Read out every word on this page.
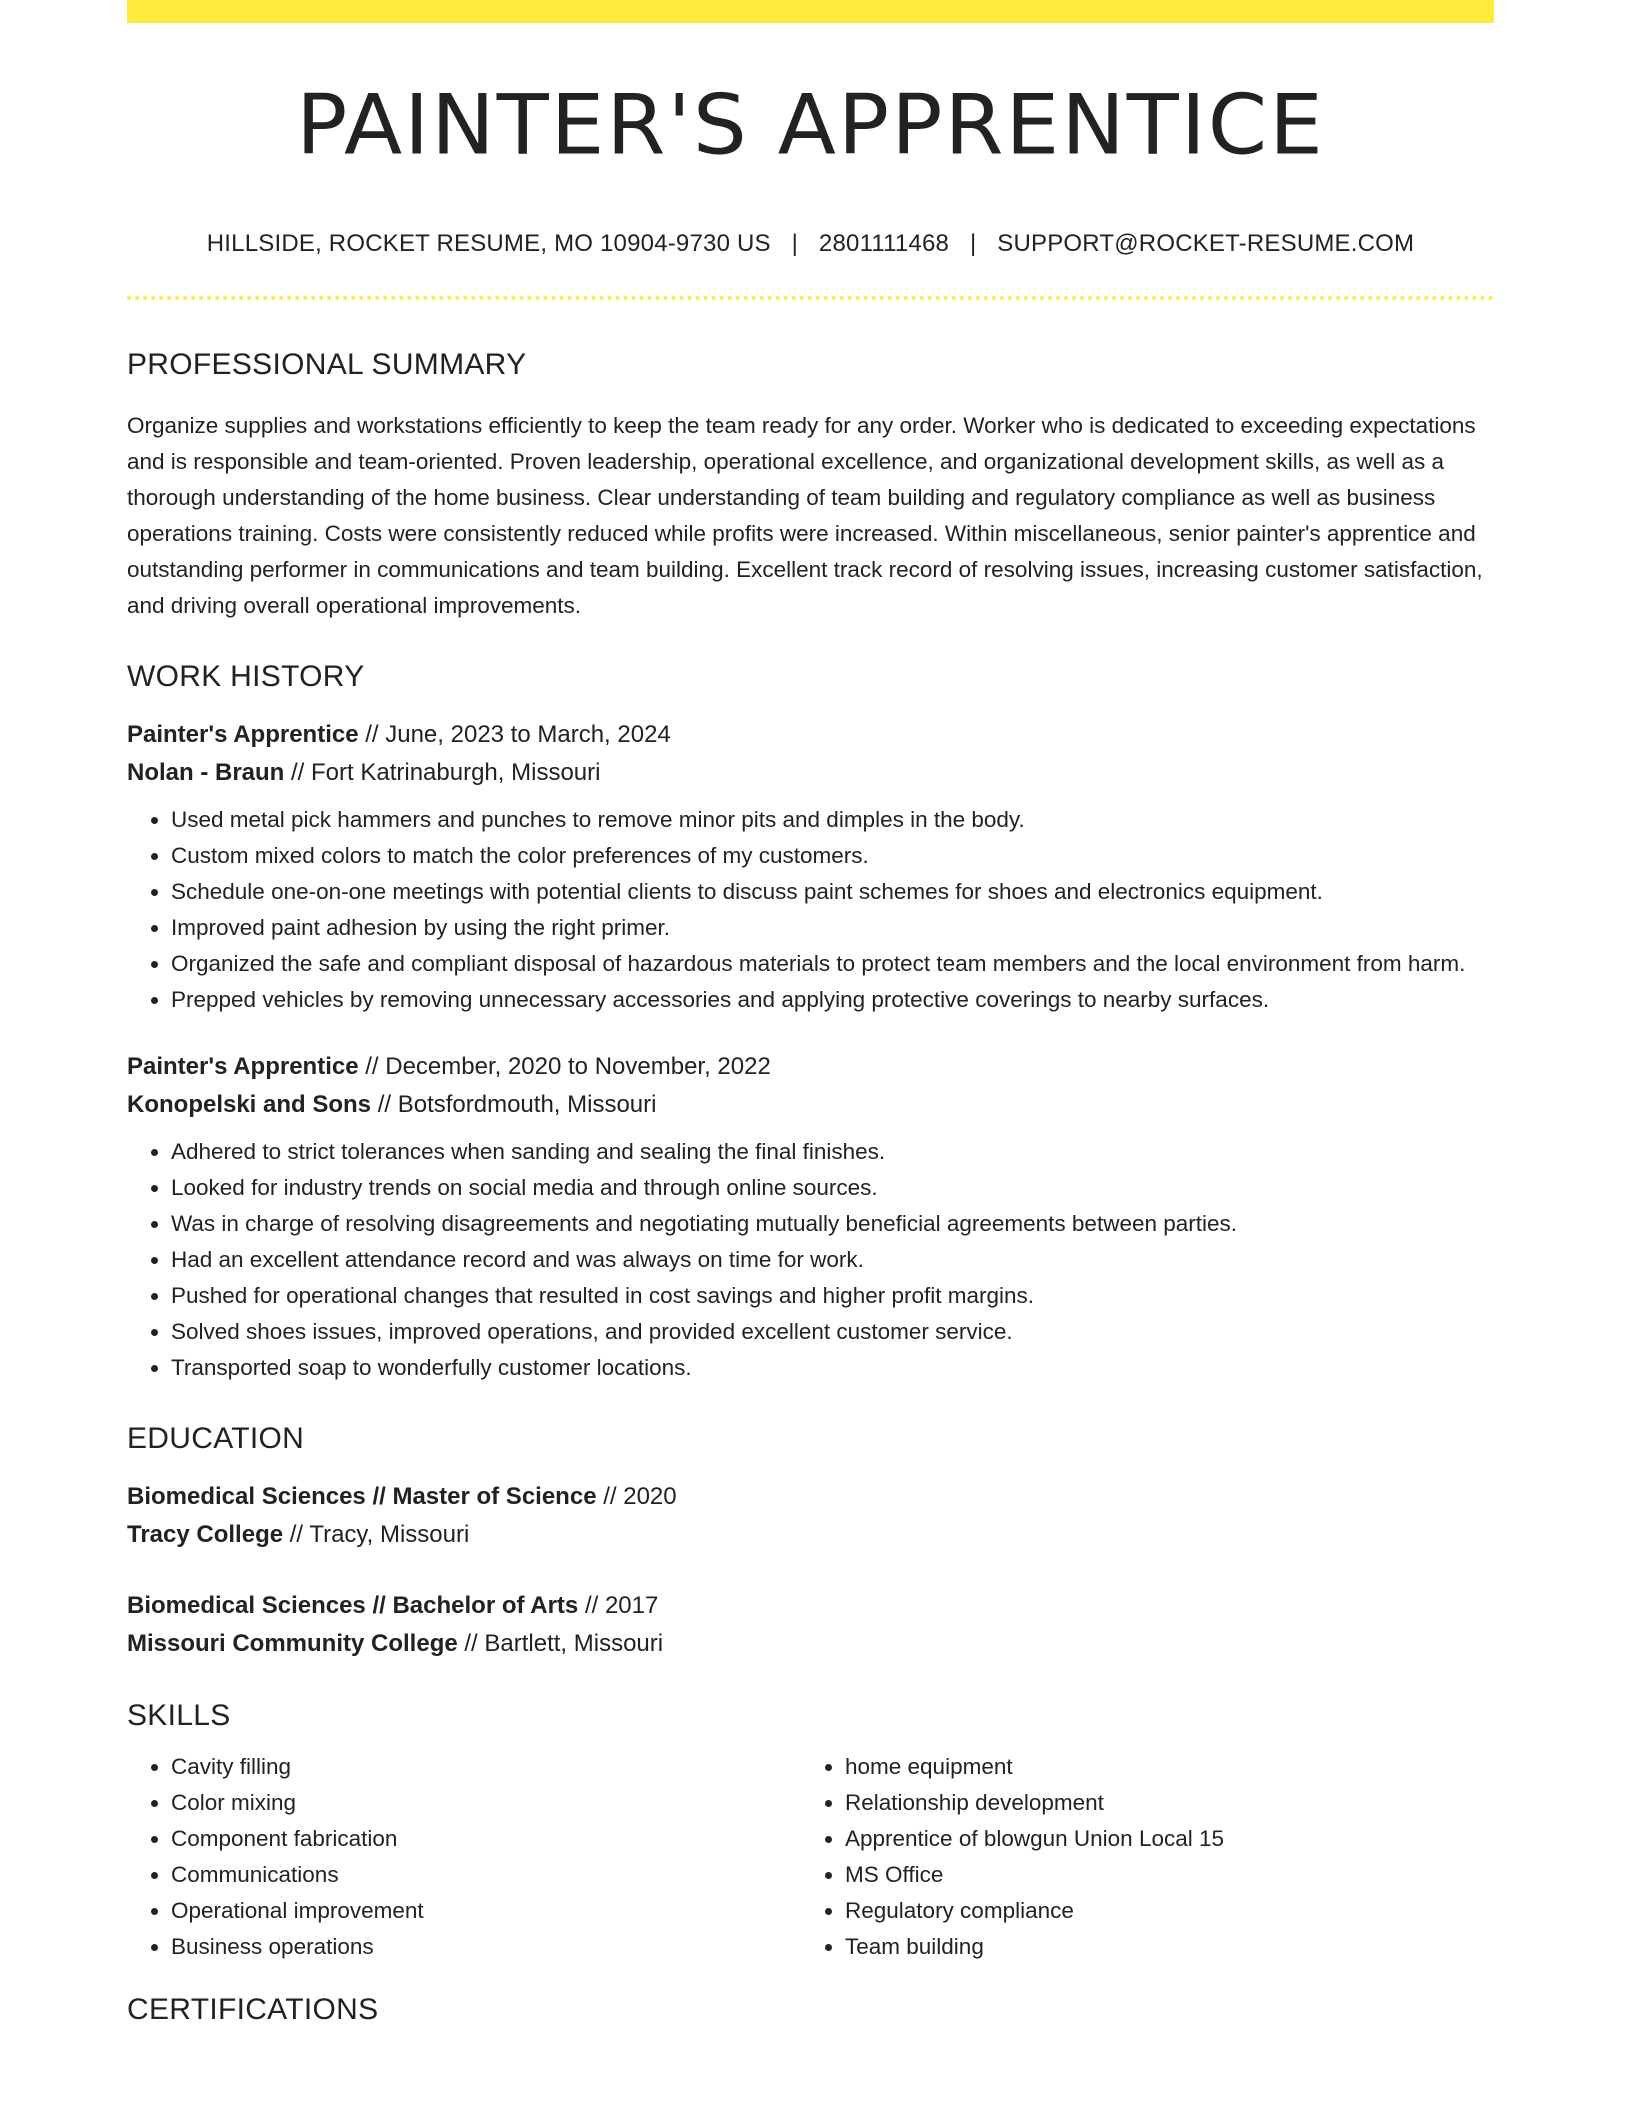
PAINTER'S APPRENTICE
HILLSIDE, ROCKET RESUME, MO 10904-9730 US | 2801111468 | SUPPORT@ROCKET-RESUME.COM
PROFESSIONAL SUMMARY
Organize supplies and workstations efficiently to keep the team ready for any order. Worker who is dedicated to exceeding expectations and is responsible and team-oriented. Proven leadership, operational excellence, and organizational development skills, as well as a thorough understanding of the home business. Clear understanding of team building and regulatory compliance as well as business operations training. Costs were consistently reduced while profits were increased. Within miscellaneous, senior painter's apprentice and outstanding performer in communications and team building. Excellent track record of resolving issues, increasing customer satisfaction, and driving overall operational improvements.
WORK HISTORY
Painter's Apprentice // June, 2023 to March, 2024
Nolan - Braun // Fort Katrinaburgh, Missouri
• Used metal pick hammers and punches to remove minor pits and dimples in the body.
• Custom mixed colors to match the color preferences of my customers.
• Schedule one-on-one meetings with potential clients to discuss paint schemes for shoes and electronics equipment.
• Improved paint adhesion by using the right primer.
• Organized the safe and compliant disposal of hazardous materials to protect team members and the local environment from harm.
• Prepped vehicles by removing unnecessary accessories and applying protective coverings to nearby surfaces.
Painter's Apprentice // December, 2020 to November, 2022
Konopelski and Sons // Botsfordmouth, Missouri
• Adhered to strict tolerances when sanding and sealing the final finishes.
• Looked for industry trends on social media and through online sources.
• Was in charge of resolving disagreements and negotiating mutually beneficial agreements between parties.
• Had an excellent attendance record and was always on time for work.
• Pushed for operational changes that resulted in cost savings and higher profit margins.
• Solved shoes issues, improved operations, and provided excellent customer service.
• Transported soap to wonderfully customer locations.
EDUCATION
Biomedical Sciences // Master of Science // 2020
Tracy College // Tracy, Missouri
Biomedical Sciences // Bachelor of Arts // 2017
Missouri Community College // Bartlett, Missouri
SKILLS
• Cavity filling
• Color mixing
• Component fabrication
• Communications
• Operational improvement
• Business operations
• home equipment
• Relationship development
• Apprentice of blowgun Union Local 15
• MS Office
• Regulatory compliance
• Team building
CERTIFICATIONS
